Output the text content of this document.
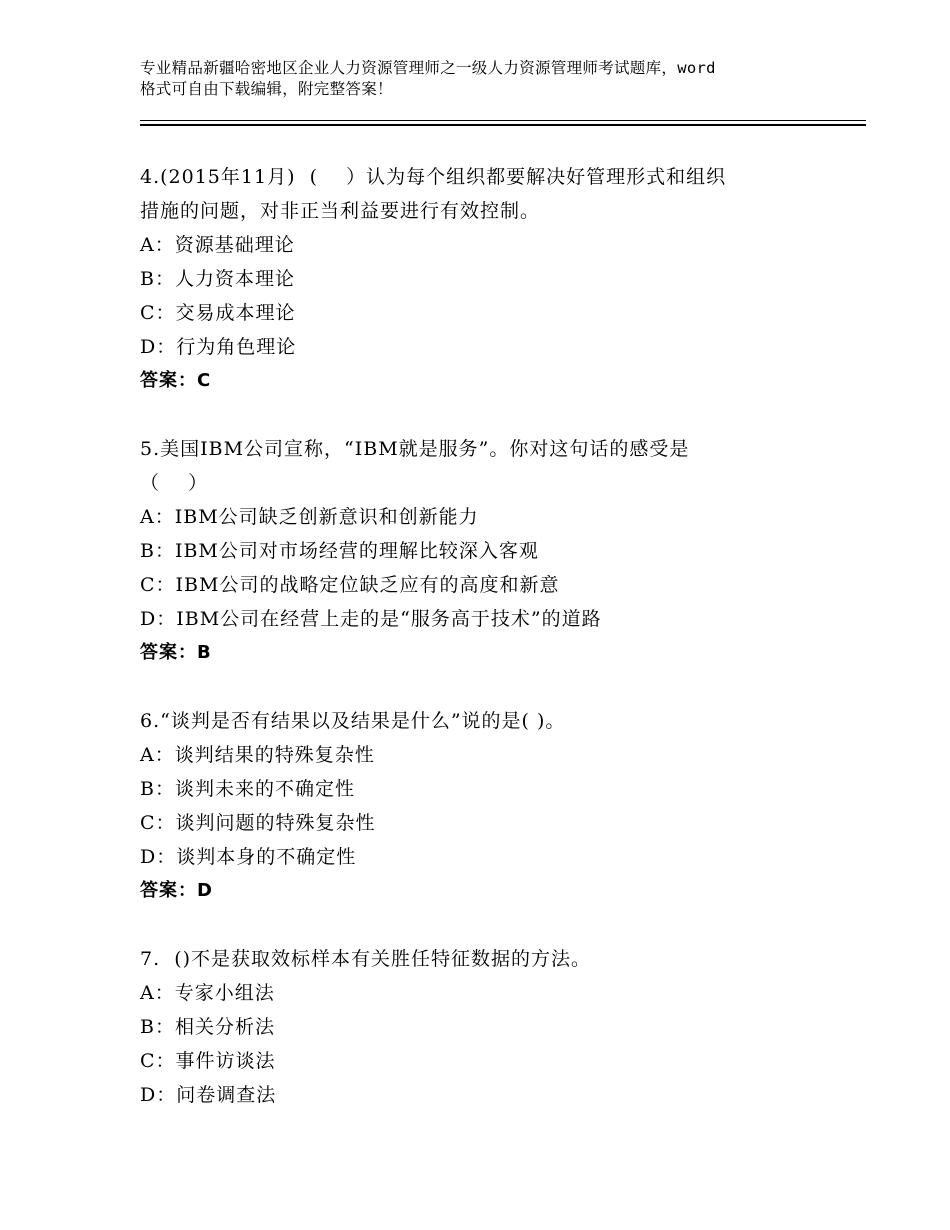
专业精品新疆哈密地区企业人力资源管理师之一级人力资源管理师考试题库，word
格式可自由下载编辑，附完整答案！
4.(2015年11月)  (    ）认为每个组织都要解决好管理形式和组织
措施的问题，对非正当利益要进行有效控制。
A：资源基础理论
B：人力资本理论
C：交易成本理论
D：行为角色理论
答案：C
5.美国IBM公司宣称，“IBM就是服务”。你对这句话的感受是
（    ）
A：IBM公司缺乏创新意识和创新能力
B：IBM公司对市场经营的理解比较深入客观
C：IBM公司的战略定位缺乏应有的高度和新意
D：IBM公司在经营上走的是“服务高于技术”的道路
答案：B
6.“谈判是否有结果以及结果是什么”说的是( )。
A：谈判结果的特殊复杂性
B：谈判未来的不确定性
C：谈判问题的特殊复杂性
D：谈判本身的不确定性
答案：D
7.  ()不是获取效标样本有关胜任特征数据的方法。
A：专家小组法
B：相关分析法
C：事件访谈法
D：问卷调查法
